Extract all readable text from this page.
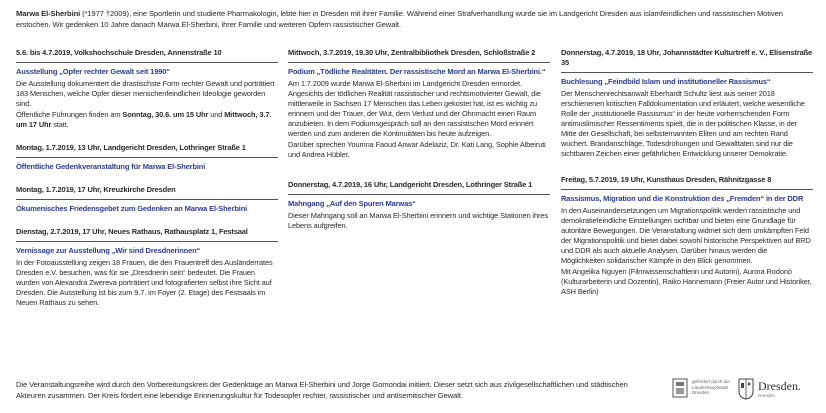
Marwa El-Sherbini (*1977 †2009), eine Sportlerin und studierte Pharmakologin, lebte hier in Dresden mit ihrer Familie. Während einer Strafverhandlung wurde sie im Landgericht Dresden aus islamfeindlichen und rassistischen Motiven erstochen. Wir gedenken 10 Jahre danach Marwa El-Sherbini, ihrer Familie und weiteren Opfern rassistischer Gewalt.
5.6. bis 4.7.2019, Volkshochschule Dresden, Annenstraße 10
Ausstellung „Opfer rechter Gewalt seit 1990“

Die Ausstellung dokumentiert die drastischste Form rechter Gewalt und porträtiert 183 Menschen, welche Opfer dieser menschenfeindlichen Ideologie geworden sind.

Öffentliche Führungen finden am Sonntag, 30.6. um 15 Uhr und Mittwoch, 3.7. um 17 Uhr statt.

Montag, 1.7.2019, 13 Uhr, Landgericht Dresden, Lothringer Straße 1
Öffentliche Gedenkveranstaltung für Marwa El-Sherbini
Montag, 1.7.2019, 17 Uhr, Kreuzkirche Dresden
Ökumenisches Friedensgebet zum Gedenken an Marwa El-Sherbini
Dienstag, 2.7.2019, 17 Uhr, Neues Rathaus, Rathausplatz 1, Festsaal
Vernissage zur Ausstellung „Wir sind Dresdnerinnen“
In der Fotoausstellung zeigen 18 Frauen, die den Frauentreff des Ausländerrates Dresden e.V. besuchen, was für sie „Dresdnerin sein“ bedeutet. Die Frauen wurden von Alexandra Zwereva porträtiert und fotografierten selbst ihre Sicht auf Dresden. Die Ausstellung ist bis zum 9.7. im Foyer (2. Etage) des Festsaals im Neuen Rathaus zu sehen.
Mittwoch, 3.7.2019, 19.30 Uhr, Zentralbibliothek Dresden, Schloßstraße 2
Podium „Tödliche Realitäten. Der rassistische Mord an Marwa El-Sherbini.“

Am 1.7.2009 wurde Marwa El-Sherbini im Landgericht Dresden ermordet. Angesichts der tödlichen Realität rassistischer und rechtsmotivierter Gewalt, die mittlerweile in Sachsen 17 Menschen das Leben gekostet hat, ist es wichtig zu erinnern und der Trauer, der Wut, dem Verlust und der Ohnmacht einen Raum anzubieten. In dem Podiumsgespräch soll an den rassistischen Mord erinnert werden und zum anderen die Kontinuitäten bis heute aufzeigen.

Darüber sprechen Youmna Faoud Anwar Adelaziz, Dr. Kati Lang, Sophie Albeiruti und Andrea Hübler.

Donnerstag, 4.7.2019, 16 Uhr, Landgericht Dresden, Lothringer Straße 1
Mahngang „Auf den Spuren Marwas“
Dieser Mahngang soll an Marwa El-Sherbini erinnern und wichtige Stationen ihres Lebens aufgreifen.
Donnerstag, 4.7.2019, 18 Uhr, Johannstädter Kulturtreff e. V., Elisenstraße 35
Buchlesung „Feindbild Islam und institutioneller Rassismus“
Der Menschenrechtsanwalt Eberhardt Schultz liest aus seiner 2018 erschienenen kritischen Falldokumentation und erläutert, welche wesentliche Rolle der „institutionelle Rassismus“ in der heute vorherrschenden Form antimuslimischer Ressentiments spielt, die in der politischen Klasse, in der Mitte der Gesellschaft, bei selbsternannten Eliten und am rechten Rand wuchert. Brandanschläge, Todesdrohungen und Gewalttaten sind nur die sichtbaren Zeichen einer gefährlichen Entwicklung unserer Demokratie.
Freitag, 5.7.2019, 19 Uhr, Kunsthaus Dresden, Rähnitzgasse 8
Rassismus, Migration und die Konstruktion des „Fremden“ in der DDR

In den Auseinandersetzungen um Migrationspolitik werden rassistische und demokratiefeindliche Einstellungen sichtbar und bieten eine Grundlage für autoritäre Bewegungen. Die Veranstaltung widmet sich dem umkämpften Feld der Migrationspolitik und bietet dabei sowohl historische Perspektiven auf BRD und DDR als auch aktuelle Analysen. Darüber hinaus werden die Möglichkeiten solidarischer Kämpfe in den Blick genommen.

Mit Angelika Nguyen (Filmwissenschaftlerin und Autorin), Aurora Rodonò (Kulturarbeiterin und Dozentin), Raiko Hannemann (Freier Autor und Historiker, ASH Berlin)

Die Veranstaltungsreihe wird durch den Vorbereitungskreis der Gedenktage an Marwa El-Sherbini und Jorge Gomondai initiiert. Dieser setzt sich aus zivilgesellschaftlichen und städtischen Akteuren zusammen. Der Kreis fördert eine lebendige Erinnerungskultur für Todesopfer rechter, rassistischer und antisemitischer Gewalt.
gefördert durch die Landeshauptstadt Dresden	Dresden.
Dresden
